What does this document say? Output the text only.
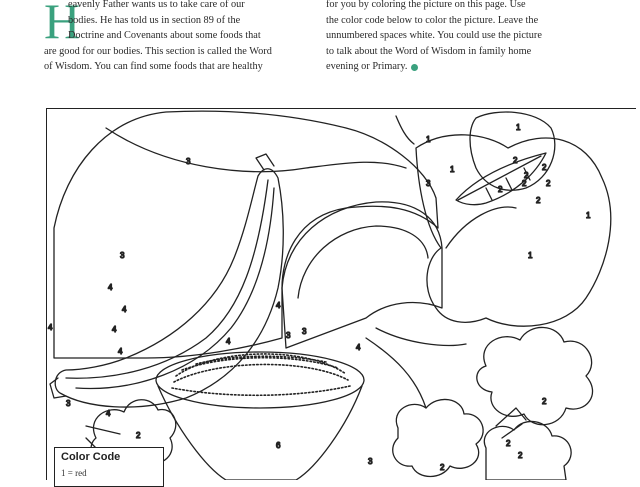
H

eavenly Father wants us to take care of our

bodies. He has told us in section 89 of the

Doctrine and Covenants about some foods that

are good for our bodies. This section is called the Word

of Wisdom. You can find some foods that are healthy

for you by coloring the picture on this page. Use

the color code below to color the picture. Leave the

unnumbered spaces white. You could use the picture

to talk about the Word of Wisdom in family home

evening or Primary.

1
1
1
1
1
2
2
2
2
2
2
2
3
3
3 3
3
3
3
4
4
4
4
4
4
4
4
4
2
2
2
2
2
6
Color Code
1 = red
